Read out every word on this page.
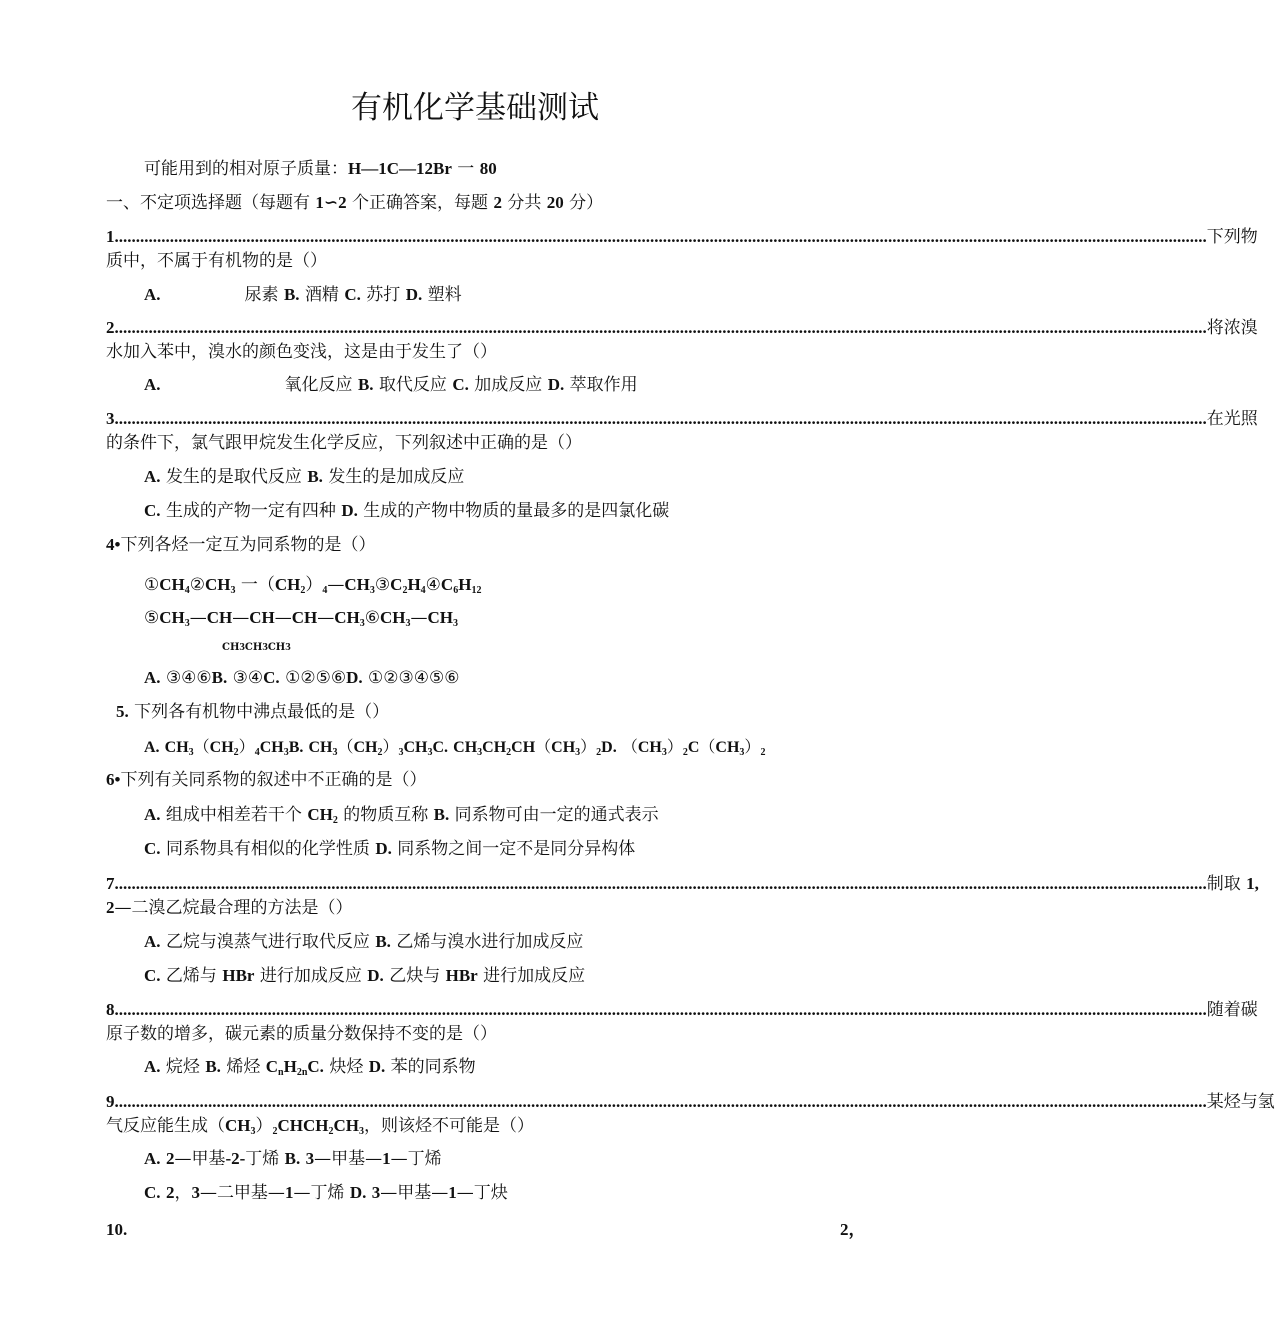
有机化学基础测试
可能用到的相对原子质量：H—1C—12Br 一 80
一、不定项选择题（每题有 1∽2 个正确答案，每题 2 分共 20 分）
1. ................................................................................................................................................................................................................................................................ 下列物
质中，不属于有机物的是（）
A.	尿素 B. 酒精 C. 苏打 D. 塑料
2. ................................................................................................................................................................................................................................................................ 将浓溴
水加入苯中，溴水的颜色变浅，这是由于发生了（）
A.	氧化反应 B. 取代反应 C. 加成反应 D. 萃取作用
3. ................................................................................................................................................................................................................................................................ 在光照
的条件下，氯气跟甲烷发生化学反应，下列叙述中正确的是（）
A. 发生的是取代反应 B. 发生的是加成反应
C. 生成的产物一定有四种 D. 生成的产物中物质的量最多的是四氯化碳
4•下列各烃一定互为同系物的是（）
$①CH_4②CH_3$ 一$(CH_2)_4—CH_3③C_2H_4④C_6H_{12}$
$⑤CH_3—CH—CH—CH—CH_3⑥CH_3—CH_3$
CH3CH3CH3
A. ③④⑥B. ③④C. ①②⑤⑥D. ①②③④⑤⑥
5. 下列各有机物中沸点最低的是（）
A. $CH_3(CH_2)_4CH_3B$. $CH_3(CH_2)_3CH_3C$. $CH_3CH_2CH(CH_3)_2D$. $(CH_3)_2C(CH_3)_2$
6•下列有关同系物的叙述中不正确的是（）
A. 组成中相差若干个 $CH_2$ 的物质互称 B. 同系物可由一定的通式表示
C. 同系物具有相似的化学性质 D. 同系物之间一定不是同分异构体
7. ................................................................................................................................................................................................................................................................ 制取 1,
2—二溴乙烷最合理的方法是（）
A. 乙烷与溴蒸气进行取代反应 B. 乙烯与溴水进行加成反应
C. 乙烯与 HBr 进行加成反应 D. 乙炔与 HBr 进行加成反应
8. ................................................................................................................................................................................................................................................................ 随着碳
原子数的增多，碳元素的质量分数保持不变的是（）
A. 烷烃 B. 烯烃 $C_nH_{2n}C$. 炔烃 D. 苯的同系物
9. ................................................................................................................................................................................................................................................................ 某烃与氢
气反应能生成$(CH_3)_2CHCH_2CH_3$，则该烃不可能是（）
A. 2—甲基-2-丁烯 B. 3—甲基—1—丁烯
C. 2，3—二甲基—1—丁烯 D. 3—甲基—1—丁炔
10.	2，
